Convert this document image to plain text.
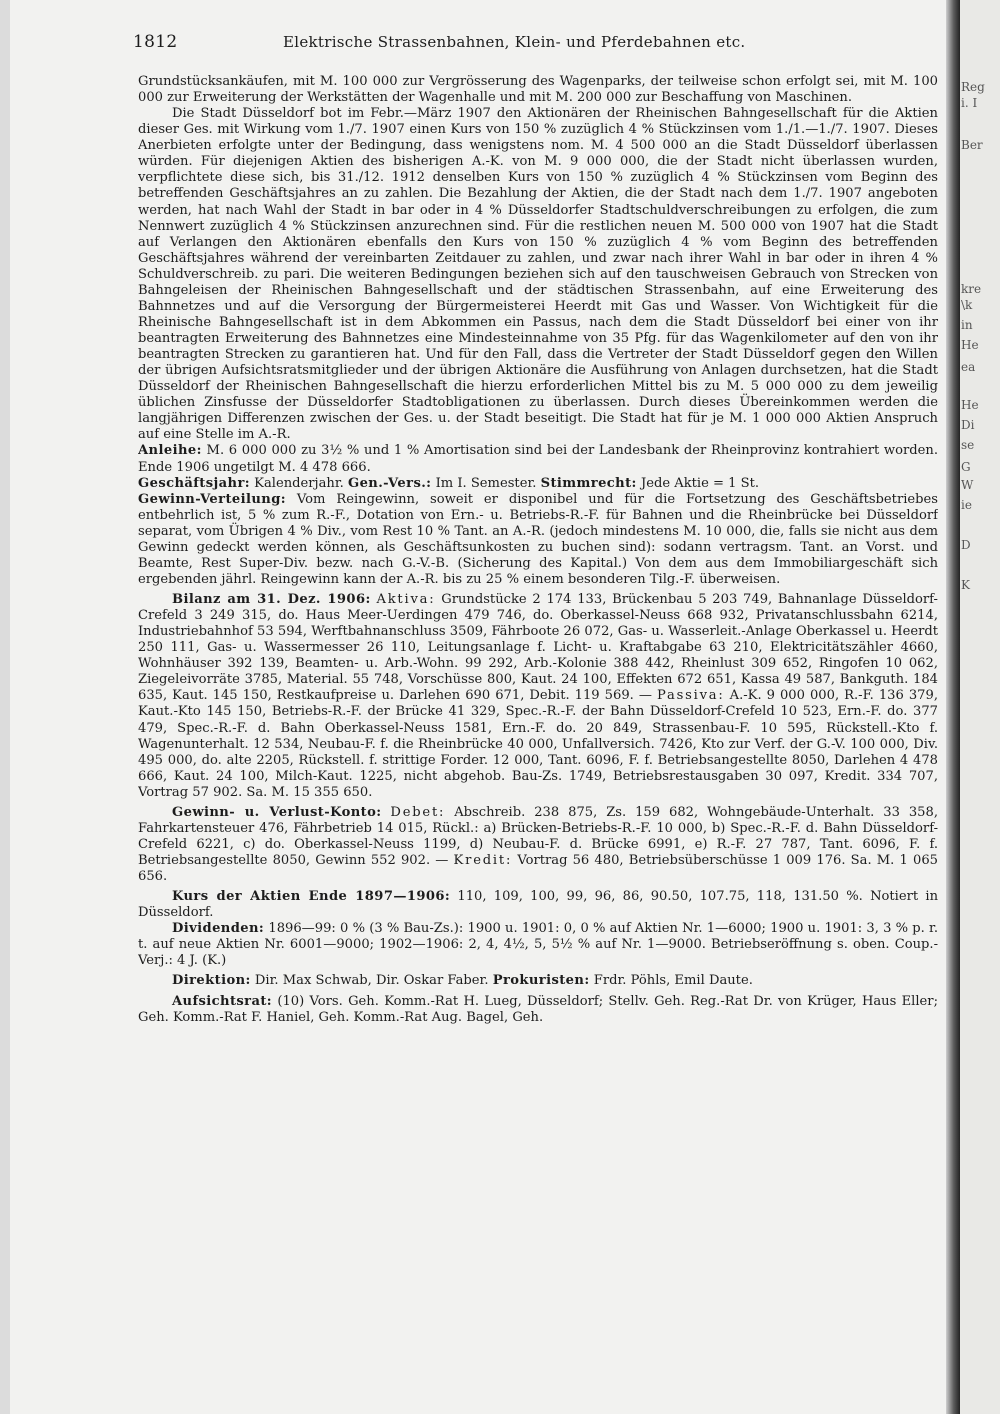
1812	Elektrische Strassenbahnen, Klein- und Pferdebahnen etc.

Grundstücksankäufen, mit M. 100 000 zur Vergrösserung des Wagenparks, der teilweise schon erfolgt sei, mit M. 100 000 zur Erweiterung der Werkstätten der Wagenhalle und mit M. 200 000 zur Beschaffung von Maschinen.

Die Stadt Düsseldorf bot im Febr.—März 1907 den Aktionären der Rheinischen Bahngesellschaft für die Aktien dieser Ges. mit Wirkung vom 1./7. 1907 einen Kurs von 150 % zuzüglich 4 % Stückzinsen vom 1./1.—1./7. 1907. Dieses Anerbieten erfolgte unter der Bedingung, dass wenigstens nom. M. 4 500 000 an die Stadt Düsseldorf überlassen würden. Für diejenigen Aktien des bisherigen A.-K. von M. 9 000 000, die der Stadt nicht überlassen wurden, verpflichtete diese sich, bis 31./12. 1912 denselben Kurs von 150 % zuzüglich 4 % Stückzinsen vom Beginn des betreffenden Geschäftsjahres an zu zahlen. Die Bezahlung der Aktien, die der Stadt nach dem 1./7. 1907 angeboten werden, hat nach Wahl der Stadt in bar oder in 4 % Düsseldorfer Stadtschuldverschreibungen zu erfolgen, die zum Nennwert zuzüglich 4 % Stückzinsen anzurechnen sind. Für die restlichen neuen M. 500 000 von 1907 hat die Stadt auf Verlangen den Aktionären ebenfalls den Kurs von 150 % zuzüglich 4 % vom Beginn des betreffenden Geschäftsjahres während der vereinbarten Zeitdauer zu zahlen, und zwar nach ihrer Wahl in bar oder in ihren 4 % Schuldverschreib. zu pari. Die weiteren Bedingungen beziehen sich auf den tauschweisen Gebrauch von Strecken von Bahngeleisen der Rheinischen Bahngesellschaft und der städtischen Strassenbahn, auf eine Erweiterung des Bahnnetzes und auf die Versorgung der Bürgermeisterei Heerdt mit Gas und Wasser. Von Wichtigkeit für die Rheinische Bahngesellschaft ist in dem Abkommen ein Passus, nach dem die Stadt Düsseldorf bei einer von ihr beantragten Erweiterung des Bahnnetzes eine Mindesteinnahme von 35 Pfg. für das Wagenkilometer auf den von ihr beantragten Strecken zu garantieren hat. Und für den Fall, dass die Vertreter der Stadt Düsseldorf gegen den Willen der übrigen Aufsichtsratsmitglieder und der übrigen Aktionäre die Ausführung von Anlagen durchsetzen, hat die Stadt Düsseldorf der Rheinischen Bahngesellschaft die hierzu erforderlichen Mittel bis zu M. 5 000 000 zu dem jeweilig üblichen Zinsfusse der Düsseldorfer Stadtobligationen zu überlassen. Durch dieses Übereinkommen werden die langjährigen Differenzen zwischen der Ges. u. der Stadt beseitigt. Die Stadt hat für je M. 1 000 000 Aktien Anspruch auf eine Stelle im A.-R.

Anleihe: M. 6 000 000 zu 3½ % und 1 % Amortisation sind bei der Landesbank der Rheinprovinz kontrahiert worden. Ende 1906 ungetilgt M. 4 478 666.

Geschäftsjahr: Kalenderjahr. Gen.-Vers.: Im I. Semester. Stimmrecht: Jede Aktie = 1 St.

Gewinn-Verteilung: Vom Reingewinn, soweit er disponibel und für die Fortsetzung des Geschäftsbetriebes entbehrlich ist, 5 % zum R.-F., Dotation von Ern.- u. Betriebs-R.-F. für Bahnen und die Rheinbrücke bei Düsseldorf separat, vom Übrigen 4 % Div., vom Rest 10 % Tant. an A.-R. (jedoch mindestens M. 10 000, die, falls sie nicht aus dem Gewinn gedeckt werden können, als Geschäftsunkosten zu buchen sind): sodann vertragsm. Tant. an Vorst. und Beamte, Rest Super-Div. bezw. nach G.-V.-B. (Sicherung des Kapital.) Von dem aus dem Immobiliargeschäft sich ergebenden jährl. Reingewinn kann der A.-R. bis zu 25 % einem besonderen Tilg.-F. überweisen.

Bilanz am 31. Dez. 1906: Aktiva: Grundstücke 2 174 133, Brückenbau 5 203 749, Bahnanlage Düsseldorf-Crefeld 3 249 315, do. Haus Meer-Uerdingen 479 746, do. Oberkassel-Neuss 668 932, Privatanschlussbahn 6214, Industriebahnhof 53 594, Werftbahnanschluss 3509, Fährboote 26 072, Gas- u. Wasserleit.-Anlage Oberkassel u. Heerdt 250 111, Gas- u. Wassermesser 26 110, Leitungsanlage f. Licht- u. Kraftabgabe 63 210, Elektricitätszähler 4660, Wohnhäuser 392 139, Beamten- u. Arb.-Wohn. 99 292, Arb.-Kolonie 388 442, Rheinlust 309 652, Ringofen 10 062, Ziegeleivorräte 3785, Material. 55 748, Vorschüsse 800, Kaut. 24 100, Effekten 672 651, Kassa 49 587, Bankguth. 184 635, Kaut. 145 150, Restkaufpreise u. Darlehen 690 671, Debit. 119 569. — Passiva: A.-K. 9 000 000, R.-F. 136 379, Kaut.-Kto 145 150, Betriebs-R.-F. der Brücke 41 329, Spec.-R.-F. der Bahn Düsseldorf-Crefeld 10 523, Ern.-F. do. 377 479, Spec.-R.-F. d. Bahn Oberkassel-Neuss 1581, Ern.-F. do. 20 849, Strassenbau-F. 10 595, Rückstell.-Kto f. Wagenunterhalt. 12 534, Neubau-F. f. die Rheinbrücke 40 000, Unfallversich. 7426, Kto zur Verf. der G.-V. 100 000, Div. 495 000, do. alte 2205, Rückstell. f. strittige Forder. 12 000, Tant. 6096, F. f. Betriebsangestellte 8050, Darlehen 4 478 666, Kaut. 24 100, Milch-Kaut. 1225, nicht abgehob. Bau-Zs. 1749, Betriebsrestausgaben 30 097, Kredit. 334 707, Vortrag 57 902. Sa. M. 15 355 650.

Gewinn- u. Verlust-Konto: Debet: Abschreib. 238 875, Zs. 159 682, Wohngebäude-Unterhalt. 33 358, Fahrkartensteuer 476, Fährbetrieb 14 015, Rückl.: a) Brücken-Betriebs-R.-F. 10 000, b) Spec.-R.-F. d. Bahn Düsseldorf-Crefeld 6221, c) do. Oberkassel-Neuss 1199, d) Neubau-F. d. Brücke 6991, e) R.-F. 27 787, Tant. 6096, F. f. Betriebsangestellte 8050, Gewinn 552 902. — Kredit: Vortrag 56 480, Betriebsüberschüsse 1 009 176. Sa. M. 1 065 656.

Kurs der Aktien Ende 1897—1906: 110, 109, 100, 99, 96, 86, 90.50, 107.75, 118, 131.50 %. Notiert in Düsseldorf.

Dividenden: 1896—99: 0 % (3 % Bau-Zs.): 1900 u. 1901: 0, 0 % auf Aktien Nr. 1—6000; 1900 u. 1901: 3, 3 % p. r. t. auf neue Aktien Nr. 6001—9000; 1902—1906: 2, 4, 4½, 5, 5½ % auf Nr. 1—9000. Betriebseröffnung s. oben. Coup.-Verj.: 4 J. (K.)

Direktion: Dir. Max Schwab, Dir. Oskar Faber. Prokuristen: Frdr. Pöhls, Emil Daute.

Aufsichtsrat: (10) Vors. Geh. Komm.-Rat H. Lueg, Düsseldorf; Stellv. Geh. Reg.-Rat Dr. von Krüger, Haus Eller; Geh. Komm.-Rat F. Haniel, Geh. Komm.-Rat Aug. Bagel, Geh.

Reg
i. I
Ber
kre
\k
in
He
ea
He
Di
se
G
W
ie
D
K
